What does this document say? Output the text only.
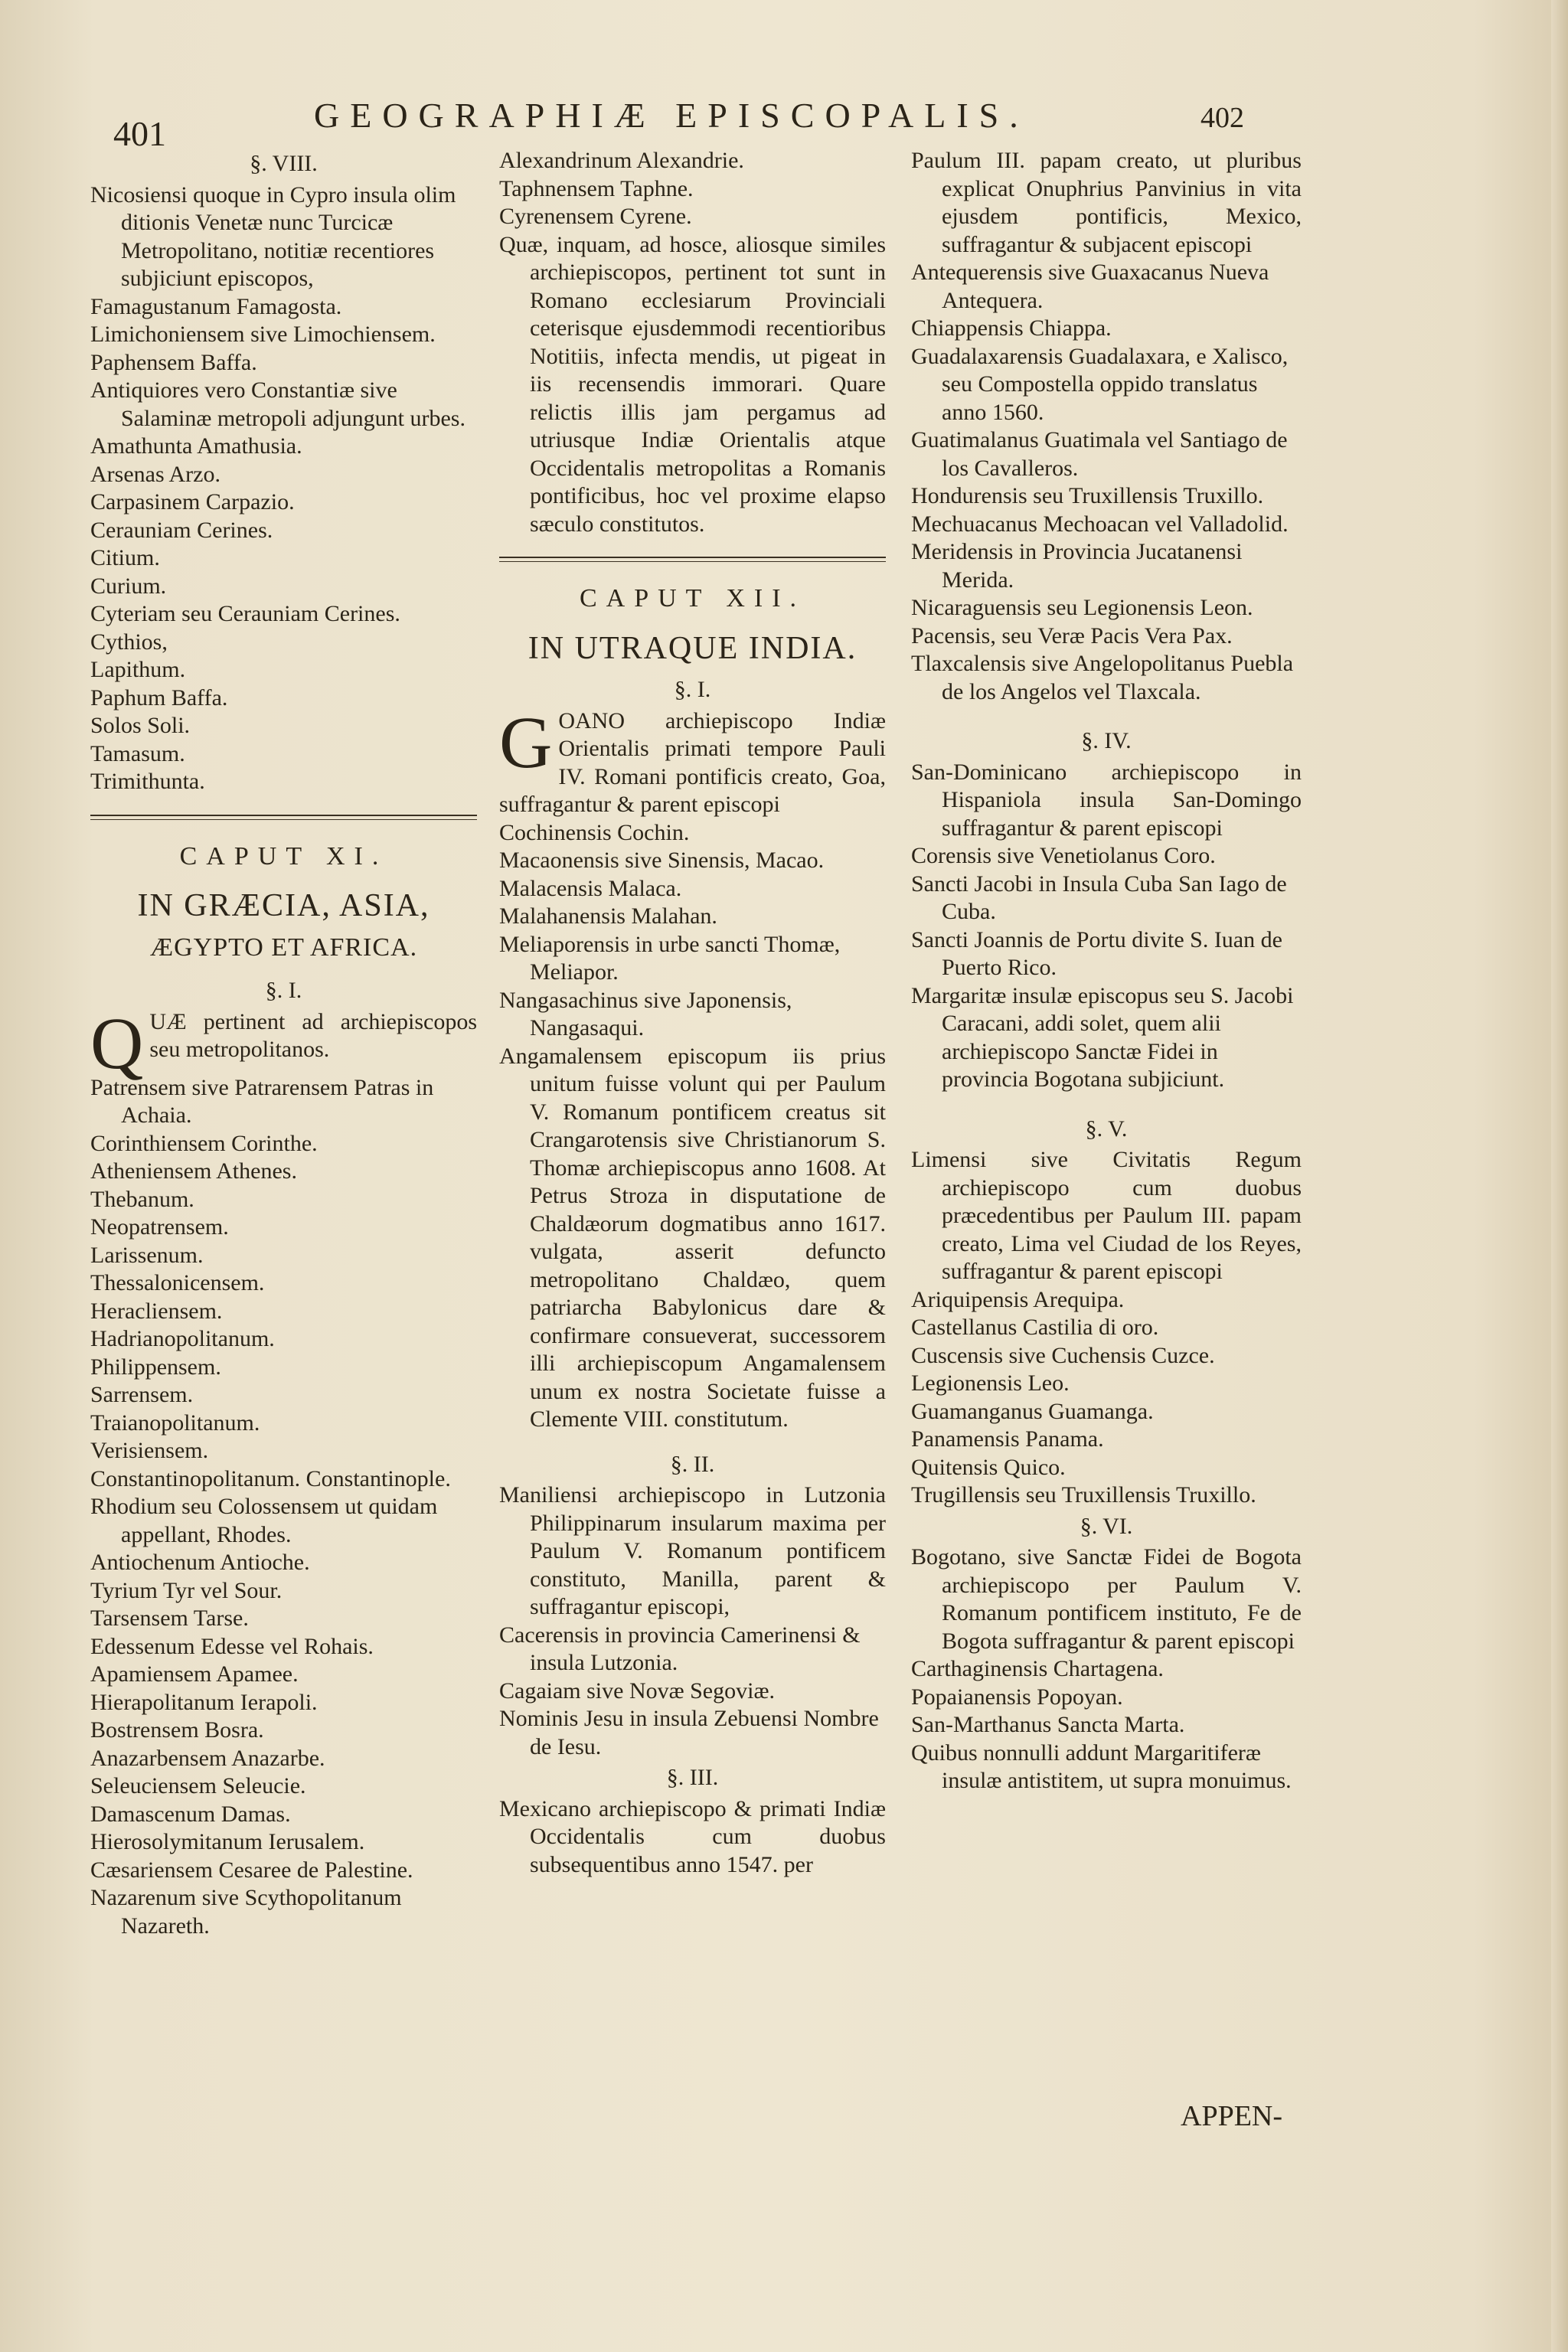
401	GEOGRAPHIÆ EPISCOPALIS.	402
§. VIII.

Nicosiensi quoque in Cypro insula olim ditionis Venetæ nunc Turcicæ Metropolitano, notitiæ recentiores subjiciunt episcopos,

Famagustanum Famagosta.

Limichoniensem sive Limochiensem.

Paphensem Baffa.

Antiquiores vero Constantiæ sive Salaminæ metropoli adjungunt urbes.

Amathunta Amathusia.

Arsenas Arzo.

Carpasinem Carpazio.

Cerauniam Cerines.

Citium.

Curium.

Cyteriam seu Cerauniam Cerines.

Cythios,

Lapithum.

Paphum Baffa.

Solos Soli.

Tamasum.

Trimithunta.

CAPUT XI.
IN GRÆCIA, ASIA,
ÆGYPTO ET AFRICA.
§. I.

QUÆ pertinent ad archiepiscopos seu metropolitanos.

Patrensem sive Patrarensem Patras in Achaia.

Corinthiensem Corinthe.

Atheniensem Athenes.

Thebanum.

Neopatrensem.

Larissenum.

Thessalonicensem.

Heracliensem.

Hadrianopolitanum.

Philippensem.

Sarrensem.

Traianopolitanum.

Verisiensem.

Constantinopolitanum. Constantinople.

Rhodium seu Colossensem ut quidam appellant, Rhodes.

Antiochenum Antioche.

Tyrium Tyr vel Sour.

Tarsensem Tarse.

Edessenum Edesse vel Rohais.

Apamiensem Apamee.

Hierapolitanum Ierapoli.

Bostrensem Bosra.

Anazarbensem Anazarbe.

Seleuciensem Seleucie.

Damascenum Damas.

Hierosolymitanum Ierusalem.

Cæsariensem Cesaree de Palestine.

Nazarenum sive Scythopolitanum Nazareth.

Alexandrinum Alexandrie.

Taphnensem Taphne.

Cyrenensem Cyrene.

Quæ, inquam, ad hosce, aliosque similes archiepiscopos, pertinent tot sunt in Romano ecclesiarum Provinciali ceterisque ejusdemmodi recentioribus Notitiis, infecta mendis, ut pigeat in iis recensendis immorari. Quare relictis illis jam pergamus ad utriusque Indiæ Orientalis atque Occidentalis metropolitas a Romanis pontificibus, hoc vel proxime elapso sæculo constitutos.

CAPUT XII.
IN UTRAQUE INDIA.
§. I.

GOANO archiepiscopo Indiæ Orientalis primati tempore Pauli IV. Romani pontificis creato, Goa, suffragantur & parent episcopi

Cochinensis Cochin.

Macaonensis sive Sinensis, Macao.

Malacensis Malaca.

Malahanensis Malahan.

Meliaporensis in urbe sancti Thomæ, Meliapor.

Nangasachinus sive Japonensis, Nangasaqui.

Angamalensem episcopum iis prius unitum fuisse volunt qui per Paulum V. Romanum pontificem creatus sit Crangarotensis sive Christianorum S. Thomæ archiepiscopus anno 1608. At Petrus Stroza in disputatione de Chaldæorum dogmatibus anno 1617. vulgata, asserit defuncto metropolitano Chaldæo, quem patriarcha Babylonicus dare & confirmare consueverat, successorem illi archiepiscopum Angamalensem unum ex nostra Societate fuisse a Clemente VIII. constitutum.

§. II.

Maniliensi archiepiscopo in Lutzonia Philippinarum insularum maxima per Paulum V. Romanum pontificem constituto, Manilla, parent & suffragantur episcopi,

Cacerensis in provincia Camerinensi & insula Lutzonia.

Cagaiam sive Novæ Segoviæ.

Nominis Jesu in insula Zebuensi Nombre de Iesu.

§. III.

Mexicano archiepiscopo & primati Indiæ Occidentalis cum duobus subsequentibus anno 1547. per

Paulum III. papam creato, ut pluribus explicat Onuphrius Panvinius in vita ejusdem pontificis, Mexico, suffragantur & subjacent episcopi

Antequerensis sive Guaxacanus Nueva Antequera.

Chiappensis Chiappa.

Guadalaxarensis Guadalaxara, e Xalisco, seu Compostella oppido translatus anno 1560.

Guatimalanus Guatimala vel Santiago de los Cavalleros.

Hondurensis seu Truxillensis Truxillo.

Mechuacanus Mechoacan vel Valladolid.

Meridensis in Provincia Jucatanensi Merida.

Nicaraguensis seu Legionensis Leon.

Pacensis, seu Veræ Pacis Vera Pax.

Tlaxcalensis sive Angelopolitanus Puebla de los Angelos vel Tlaxcala.

§. IV.

San-Dominicano archiepiscopo in Hispaniola insula San-Domingo suffragantur & parent episcopi

Corensis sive Venetiolanus Coro.

Sancti Jacobi in Insula Cuba San Iago de Cuba.

Sancti Joannis de Portu divite S. Iuan de Puerto Rico.

Margaritæ insulæ episcopus seu S. Jacobi Caracani, addi solet, quem alii archiepiscopo Sanctæ Fidei in provincia Bogotana subjiciunt.

§. V.

Limensi sive Civitatis Regum archiepiscopo cum duobus præcedentibus per Paulum III. papam creato, Lima vel Ciudad de los Reyes, suffragantur & parent episcopi

Ariquipensis Arequipa.

Castellanus Castilia di oro.

Cuscensis sive Cuchensis Cuzce.

Legionensis Leo.

Guamanganus Guamanga.

Panamensis Panama.

Quitensis Quico.

Trugillensis seu Truxillensis Truxillo.

§. VI.

Bogotano, sive Sanctæ Fidei de Bogota archiepiscopo per Paulum V. Romanum pontificem instituto, Fe de Bogota suffragantur & parent episcopi

Carthaginensis Chartagena.

Popaianensis Popoyan.

San-Marthanus Sancta Marta.

Quibus nonnulli addunt Margaritiferæ insulæ antistitem, ut supra monuimus.

APPEN-
